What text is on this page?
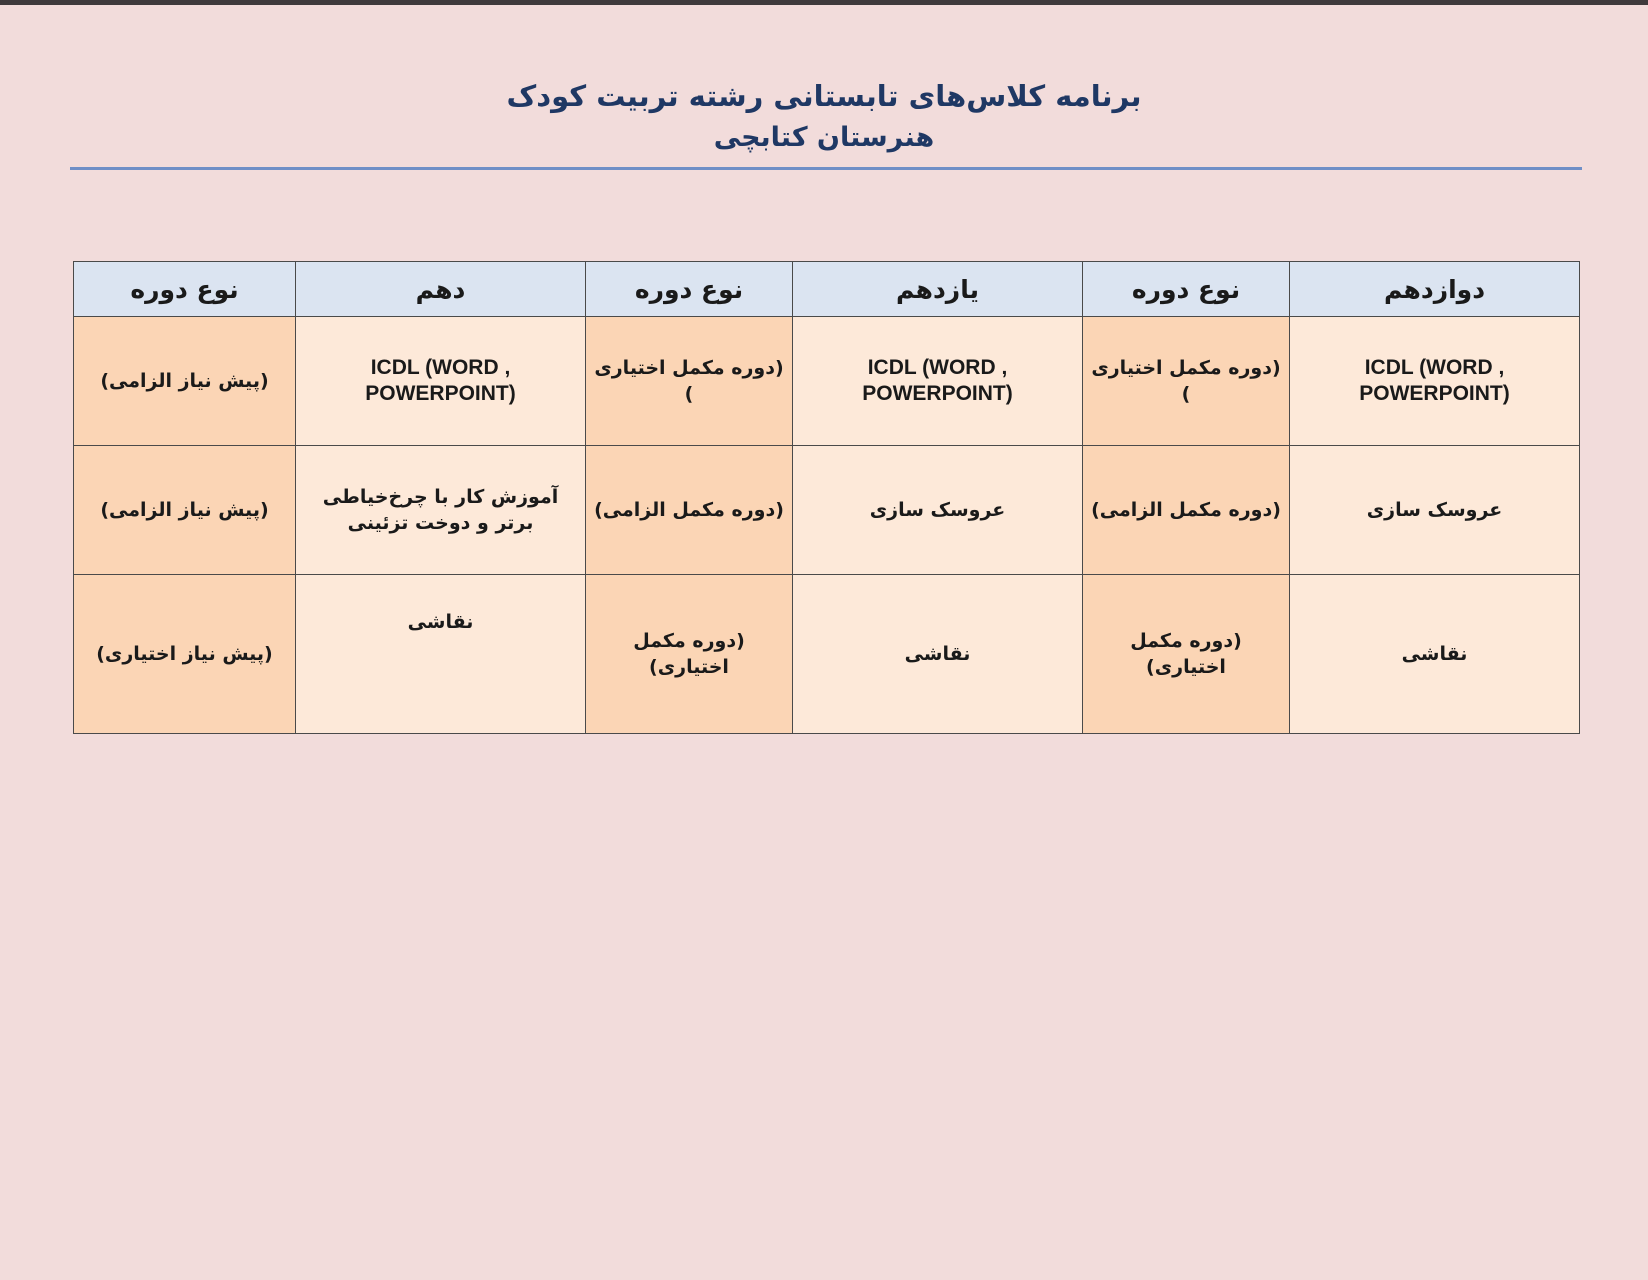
برنامه کلاس‌های تابستانی رشته تربیت کودک
هنرستان کتابچی
دوازدهم	نوع دوره	یازدهم	نوع دوره	دهم	نوع دوره
ICDL (WORD , POWERPOINT)	(دوره مکمل اختیاری )	ICDL (WORD , POWERPOINT)	(دوره مکمل اختیاری )	ICDL (WORD , POWERPOINT)	(پیش نیاز الزامی)
عروسک سازی	(دوره مکمل الزامی)	عروسک سازی	(دوره مکمل الزامی)	آموزش کار با چرخ‌خیاطی برتر و دوخت تزئینی	(پیش نیاز الزامی)
نقاشی	(دوره مکمل اختیاری)	نقاشی	(دوره مکمل اختیاری)	نقاشی	(پیش نیاز اختیاری)
